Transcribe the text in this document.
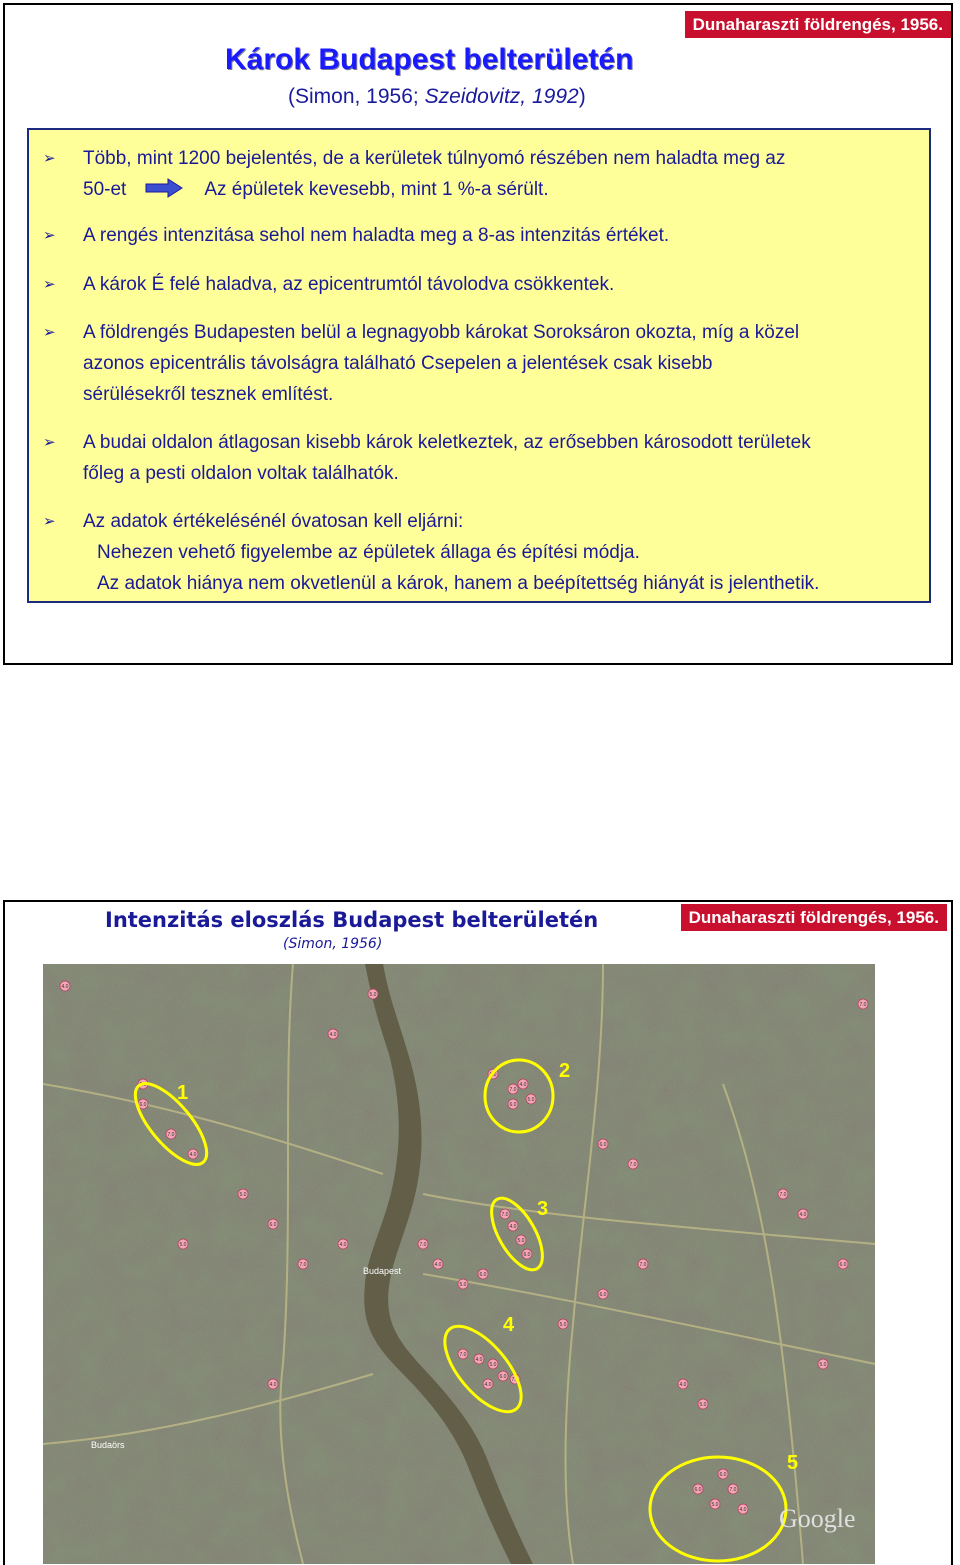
Dunaharaszti földrengés, 1956.
Károk Budapest belterületén
(Simon, 1956; Szeidovitz, 1992)
➢ Több, mint 1200 bejelentés, de a kerületek túlnyomó részében nem haladta meg az
50-et	Az épületek kevesebb, mint 1 %-a sérült.
➢ A rengés intenzitása sehol nem haladta meg a 8-as intenzitás értéket.
➢ A károk É felé haladva, az epicentrumtól távolodva csökkentek.
➢ A földrengés Budapesten belül a legnagyobb károkat Soroksáron okozta, míg a közel
azonos epicentrális távolságra található Csepelen a jelentések csak kisebb
sérülésekről tesznek említést.
➢ A budai oldalon átlagosan kisebb károk keletkeztek, az erősebben károsodott területek
főleg a pesti oldalon voltak találhatók.
➢ Az adatok értékelésénél óvatosan kell eljárni:
Nehezen vehető figyelembe az épületek állaga és építési módja.
Az adatok hiánya nem okvetlenül a károk, hanem a beépítettség hiányát is jelenthetik.
Intenzitás eloszlás Budapest belterületén
(Simon, 1956)
Dunaharaszti földrengés, 1956.
4.0
5.0
6.0
7.0
4.0
5.0
6.0
7.0
4.0
5.0
6.0
7.0
4.0
5.0
6.0
7.0
4.0
5.0
6.0
7.0
4.0
5.0
6.0
7.0
4.0
5.0
6.0 7.0
4.0
5.0
6.0
7.0
4.0
5.0
6.0
7.0
4.0
5.0
6.0
7.0
4.0
5.0
6.0
7.0
4.0
5.0
6.0
7.0
4.0
1
2
3
4
5
Budapest
Budaörs
Google
